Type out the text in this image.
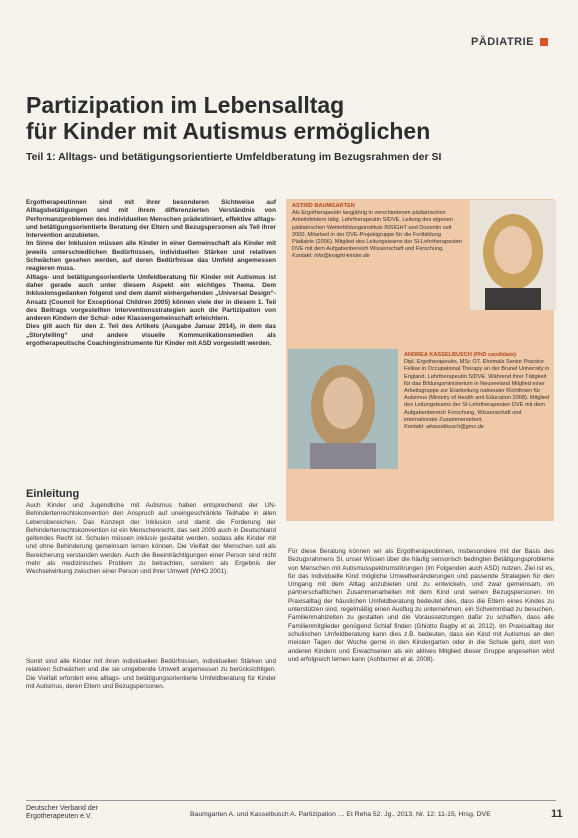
PÄDIATRIE
Partizipation im Lebensalltag
für Kinder mit Autismus ermöglichen
Teil 1: Alltags- und betätigungsorientierte Umfeldberatung im Bezugsrahmen der SI

Ergotherapeutinnen sind mit ihrer besonderen Sichtweise auf Alltagsbetätigungen und mit ihrem differenzierten Verständnis von Performanzproblemen des individuellen Menschen prädestiniert, effektive alltags- und betätigungsorientierte Beratung der Eltern und Bezugspersonen als Teil ihrer Intervention anzubieten.

Im Sinne der Inklusion müssen alle Kinder in einer Gemeinschaft als Kinder mit jeweils unterschiedlichen Bedürfnissen, individuellen Stärken und relativen Schwächen gesehen werden, auf deren Bedürfnisse das Umfeld angemessen reagieren muss.

Alltags- und betätigungsorientierte Umfeldberatung für Kinder mit Autismus ist daher gerade auch unter diesem Aspekt ein wichtiges Thema. Dem Inklusionsgedanken folgend und dem damit einhergehenden „Universal Design“-Ansatz (Council for Exceptional Children 2005) können viele der in diesem 1. Teil des Beitrags vorgestellten Interventionsstrategien auch die Partizipation von anderen Kindern der Schul- oder Klassengemeinschaft erleichtern.

Dies gilt auch für den 2. Teil des Artikels (Ausgabe Januar 2014), in dem das „Storytelling“ und andere visuelle Kommunikationsmedien als ergotherapeutische Coachinginstrumente für Kinder mit ASD vorgestellt werden.

ASTRID BAUMGARTEN
Als Ergotherapeutin langjährig in verschiedenen pädiatrischen Arbeitsfeldern tätig. Lehrtherapeutin SIDVE. Leitung des eigenen pädiatrischen Weiterbildungsinstituts INSIGHT und Dozentin seit 2000. Mitarbeit in der DVE-Projektgruppe für die Fortbildung Pädiatrie (2006). Mitglied des Leitungsteams der SI-Lehrtherapeuten DVE mit dem Aufgabenbereich Wissenschaft und Forschung.
Kontakt: info@insight-kinder.de
ANDREA KASSELBUSCH (PhD candidate)
Dipl. Ergotherapeutin, MSc OT. Ehemals Senior Practice Fellow in Occupational Therapy an der Brunel University in England. Lehrtherapeutin SIDVE. Während ihrer Tätigkeit für das Bildungsministerium in Neuseeland Mitglied einer Arbeitsgruppe zur Erarbeitung nationaler Richtlinien für Autismus (Ministry of Health and Education 2008). Mitglied des Leitungsteams der SI-Lehrtherapeuten DVE mit dem Aufgabenbereich Forschung, Wissenschaft und internationale Zusammenarbeit.
Kontakt: akasselbusch@gmx.de
Einleitung
Auch Kinder und Jugendliche mit Autismus haben entsprechend der UN-Behindertenrechtskonvention den Anspruch auf uneingeschränkte Teilhabe in allen Lebensbereichen. Das Konzept der Inklusion und damit die Forderung der Behindertenrechtskonvention ist ein Menschenrecht, das seit 2009 auch in Deutschland geltendes Recht ist. Schulen müssen inklusiv gestaltet werden, sodass alle Kinder mit und ohne Behinderung gemeinsam lernen können. Die Vielfalt der Menschen soll als Bereicherung verstanden werden. Auch die Beeinträchtigungen einer Person sind nicht mehr als medizinisches Problem zu betrachten, sondern als Ergebnis der Wechselwirkung zwischen einer Person und ihrer Umwelt (WHO 2001).
Somit sind alle Kinder mit ihren individuellen Bedürfnissen, individuellen Stärken und relativen Schwächen und die sie umgebende Umwelt angemessen zu berücksichtigen. Die Vielfalt erfordert eine alltags- und betätigungsorientierte Umfeldberatung für Kinder mit Autismus, deren Eltern und Bezugspersonen.
Für diese Beratung können wir als Ergotherapeutinnen, insbesondere mit der Basis des Bezugsrahmens SI, unser Wissen über die häufig sensorisch bedingten Betätigungsprobleme von Menschen mit Autismusspektrumstörungen (im Folgenden auch ASD) nutzen. Ziel ist es, für das individuelle Kind mögliche Umweltveränderungen und passende Strategien für den Umgang mit dem Alltag anzubieten und zu entwickeln, und zwar gemeinsam, im partnerschaftlichen Zusammenarbeiten mit dem Kind und seinen Bezugspersonen. Im Praxisalltag der häuslichen Umfeldberatung bedeutet dies, dass die Eltern eines Kindes zu unterstützen sind, regelmäßig einen Ausflug zu unternehmen, ein Schwimmbad zu besuchen, Familienmahlzeiten zu gestalten und die Voraussetzungen dafür zu schaffen, dass alle Familienmitglieder genügend Schlaf finden (Ghiotto Bagby et al. 2012). Im Praxisalltag der schulischen Umfeldberatung kann dies z.B. bedeuten, dass ein Kind mit Autismus an den meisten Tagen der Woche gerne in den Kindergarten oder in die Schule geht, dort von anderen Kindern und Erwachsenen als ein aktives Mitglied dieser Gruppe angesehen wird und erfolgreich lernen kann (Ashburner et al. 2008).
Deutscher Verband der
Ergotherapeuten e.V.	Baumgarten A. und Kasselbusch A. Partizipation … Et Reha 52. Jg., 2013, Nr. 12: 11-15, Hrsg. DVE	11
